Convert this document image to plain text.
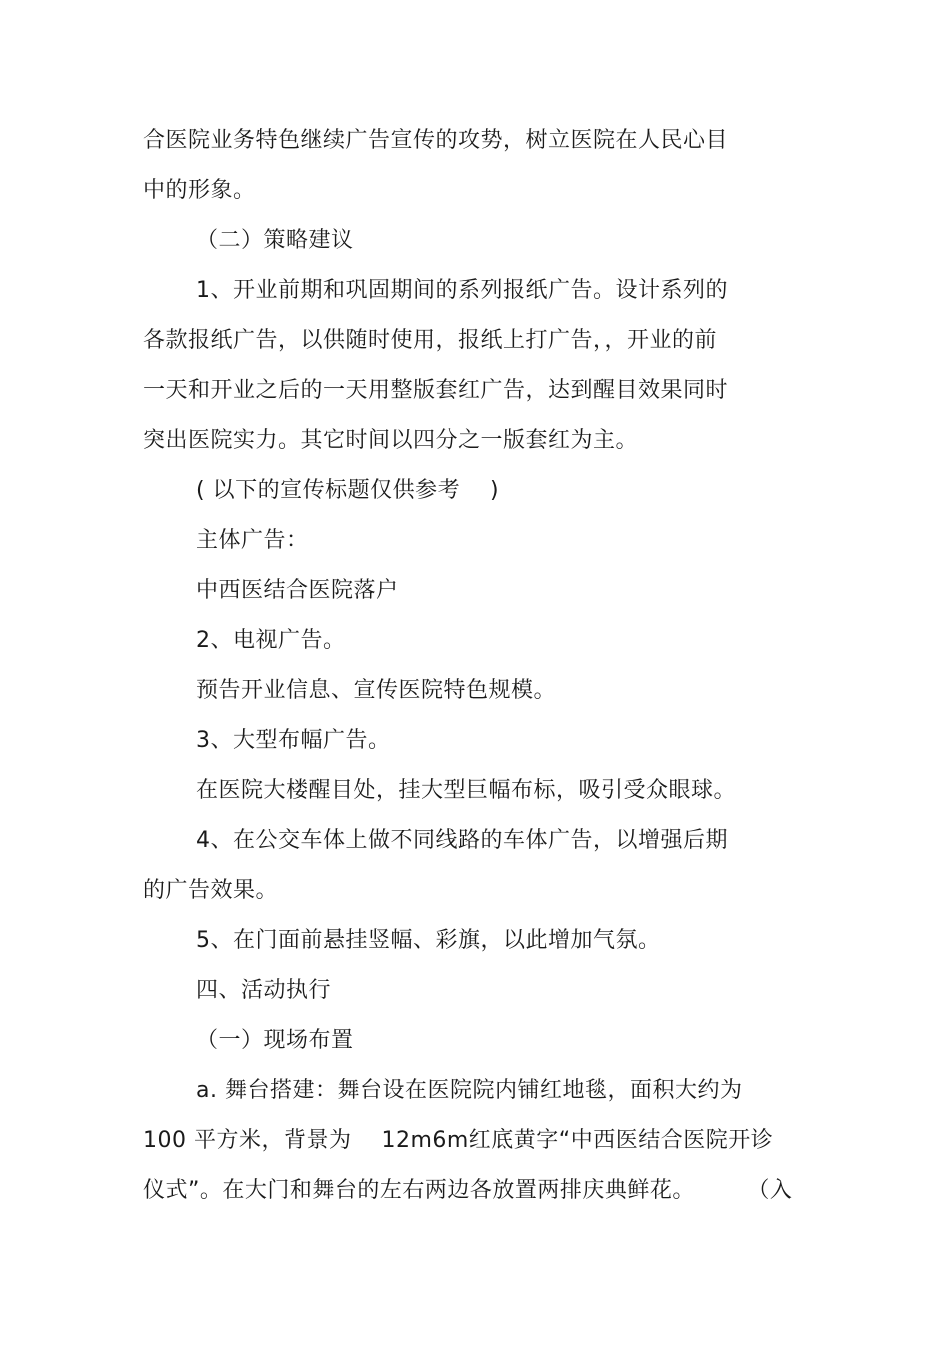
合医院业务特色继续广告宣传的攻势，树立医院在人民心目
中的形象。
（二）策略建议
1、开业前期和巩固期间的系列报纸广告。设计系列的
各款报纸广告，以供随时使用，报纸上打广告，，开业的前
一天和开业之后的一天用整版套红广告，达到醒目效果同时
突出医院实力。其它时间以四分之一版套红为主。
( 以下的宣传标题仅供参考    )
主体广告：
中西医结合医院落户
2、电视广告。
预告开业信息、宣传医院特色规模。
3、大型布幅广告。
在医院大楼醒目处，挂大型巨幅布标，吸引受众眼球。
4、在公交车体上做不同线路的车体广告，以增强后期
的广告效果。
5、在门面前悬挂竖幅、彩旗，以此增加气氛。
四、活动执行
（一）现场布置
a. 舞台搭建：舞台设在医院院内铺红地毯，面积大约为
100 平方米，背景为    12m6m红底黄字“中西医结合医院开诊
仪式”。在大门和舞台的左右两边各放置两排庆典鲜花。       （入
